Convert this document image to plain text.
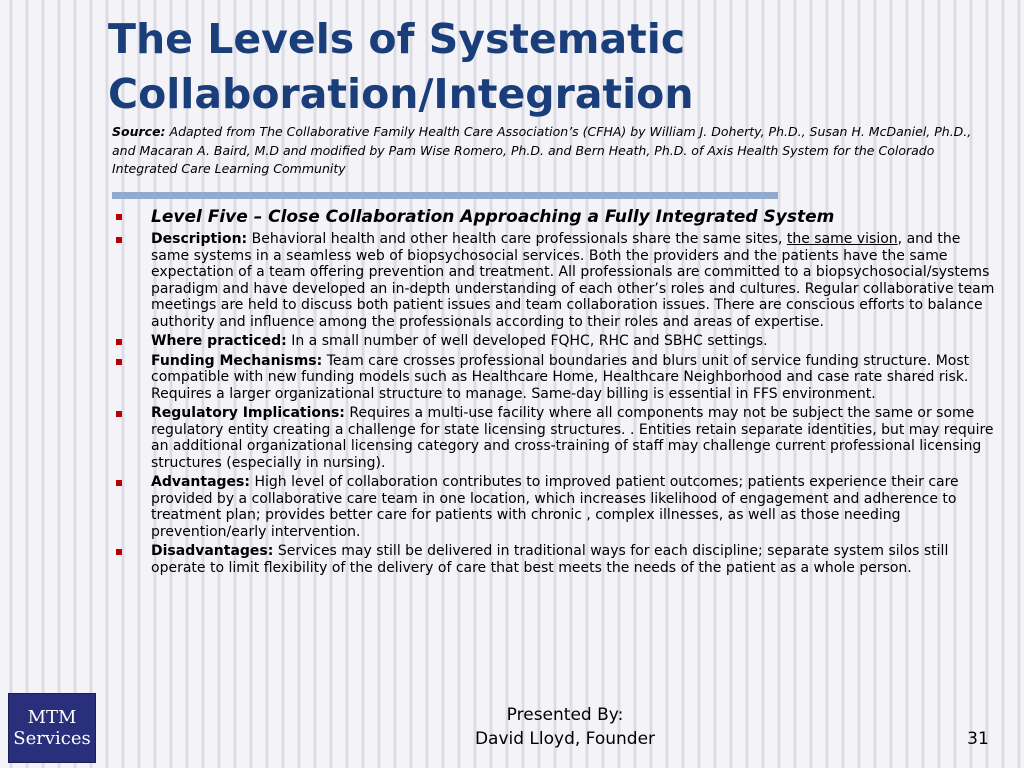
The Levels of Systematic Collaboration/Integration
Source: Adapted from The Collaborative Family Health Care Association’s (CFHA) by William J. Doherty, Ph.D., Susan H. McDaniel, Ph.D., and Macaran A. Baird, M.D and modified by Pam Wise Romero, Ph.D. and Bern Heath, Ph.D. of Axis Health System for the Colorado Integrated Care Learning Community
Level Five – Close Collaboration Approaching a Fully Integrated System
Description: Behavioral health and other health care professionals share the same sites, the same vision, and the same systems in a seamless web of biopsychosocial services. Both the providers and the patients have the same expectation of a team offering prevention and treatment. All professionals are committed to a biopsychosocial/systems paradigm and have developed an in-depth understanding of each other’s roles and cultures. Regular collaborative team meetings are held to discuss both patient issues and team collaboration issues. There are conscious efforts to balance authority and influence among the professionals according to their roles and areas of expertise.
Where practiced: In a small number of well developed FQHC, RHC and SBHC settings.
Funding Mechanisms: Team care crosses professional boundaries and blurs unit of service funding structure. Most compatible with new funding models such as Healthcare Home, Healthcare Neighborhood and case rate shared risk. Requires a larger organizational structure to manage. Same-day billing is essential in FFS environment.
Regulatory Implications: Requires a multi-use facility where all components may not be subject the same or some regulatory entity creating a challenge for state licensing structures. . Entities retain separate identities, but may require an additional organizational licensing category and cross-training of staff may challenge current professional licensing structures (especially in nursing).
Advantages: High level of collaboration contributes to improved patient outcomes; patients experience their care provided by a collaborative care team in one location, which increases likelihood of engagement and adherence to treatment plan; provides better care for patients with chronic , complex illnesses, as well as those needing prevention/early intervention.
Disadvantages: Services may still be delivered in traditional ways for each discipline; separate system silos still operate to limit flexibility of the delivery of care that best meets the needs of the patient as a whole person.
MTM
Services
Presented By:
David Lloyd, Founder	31
